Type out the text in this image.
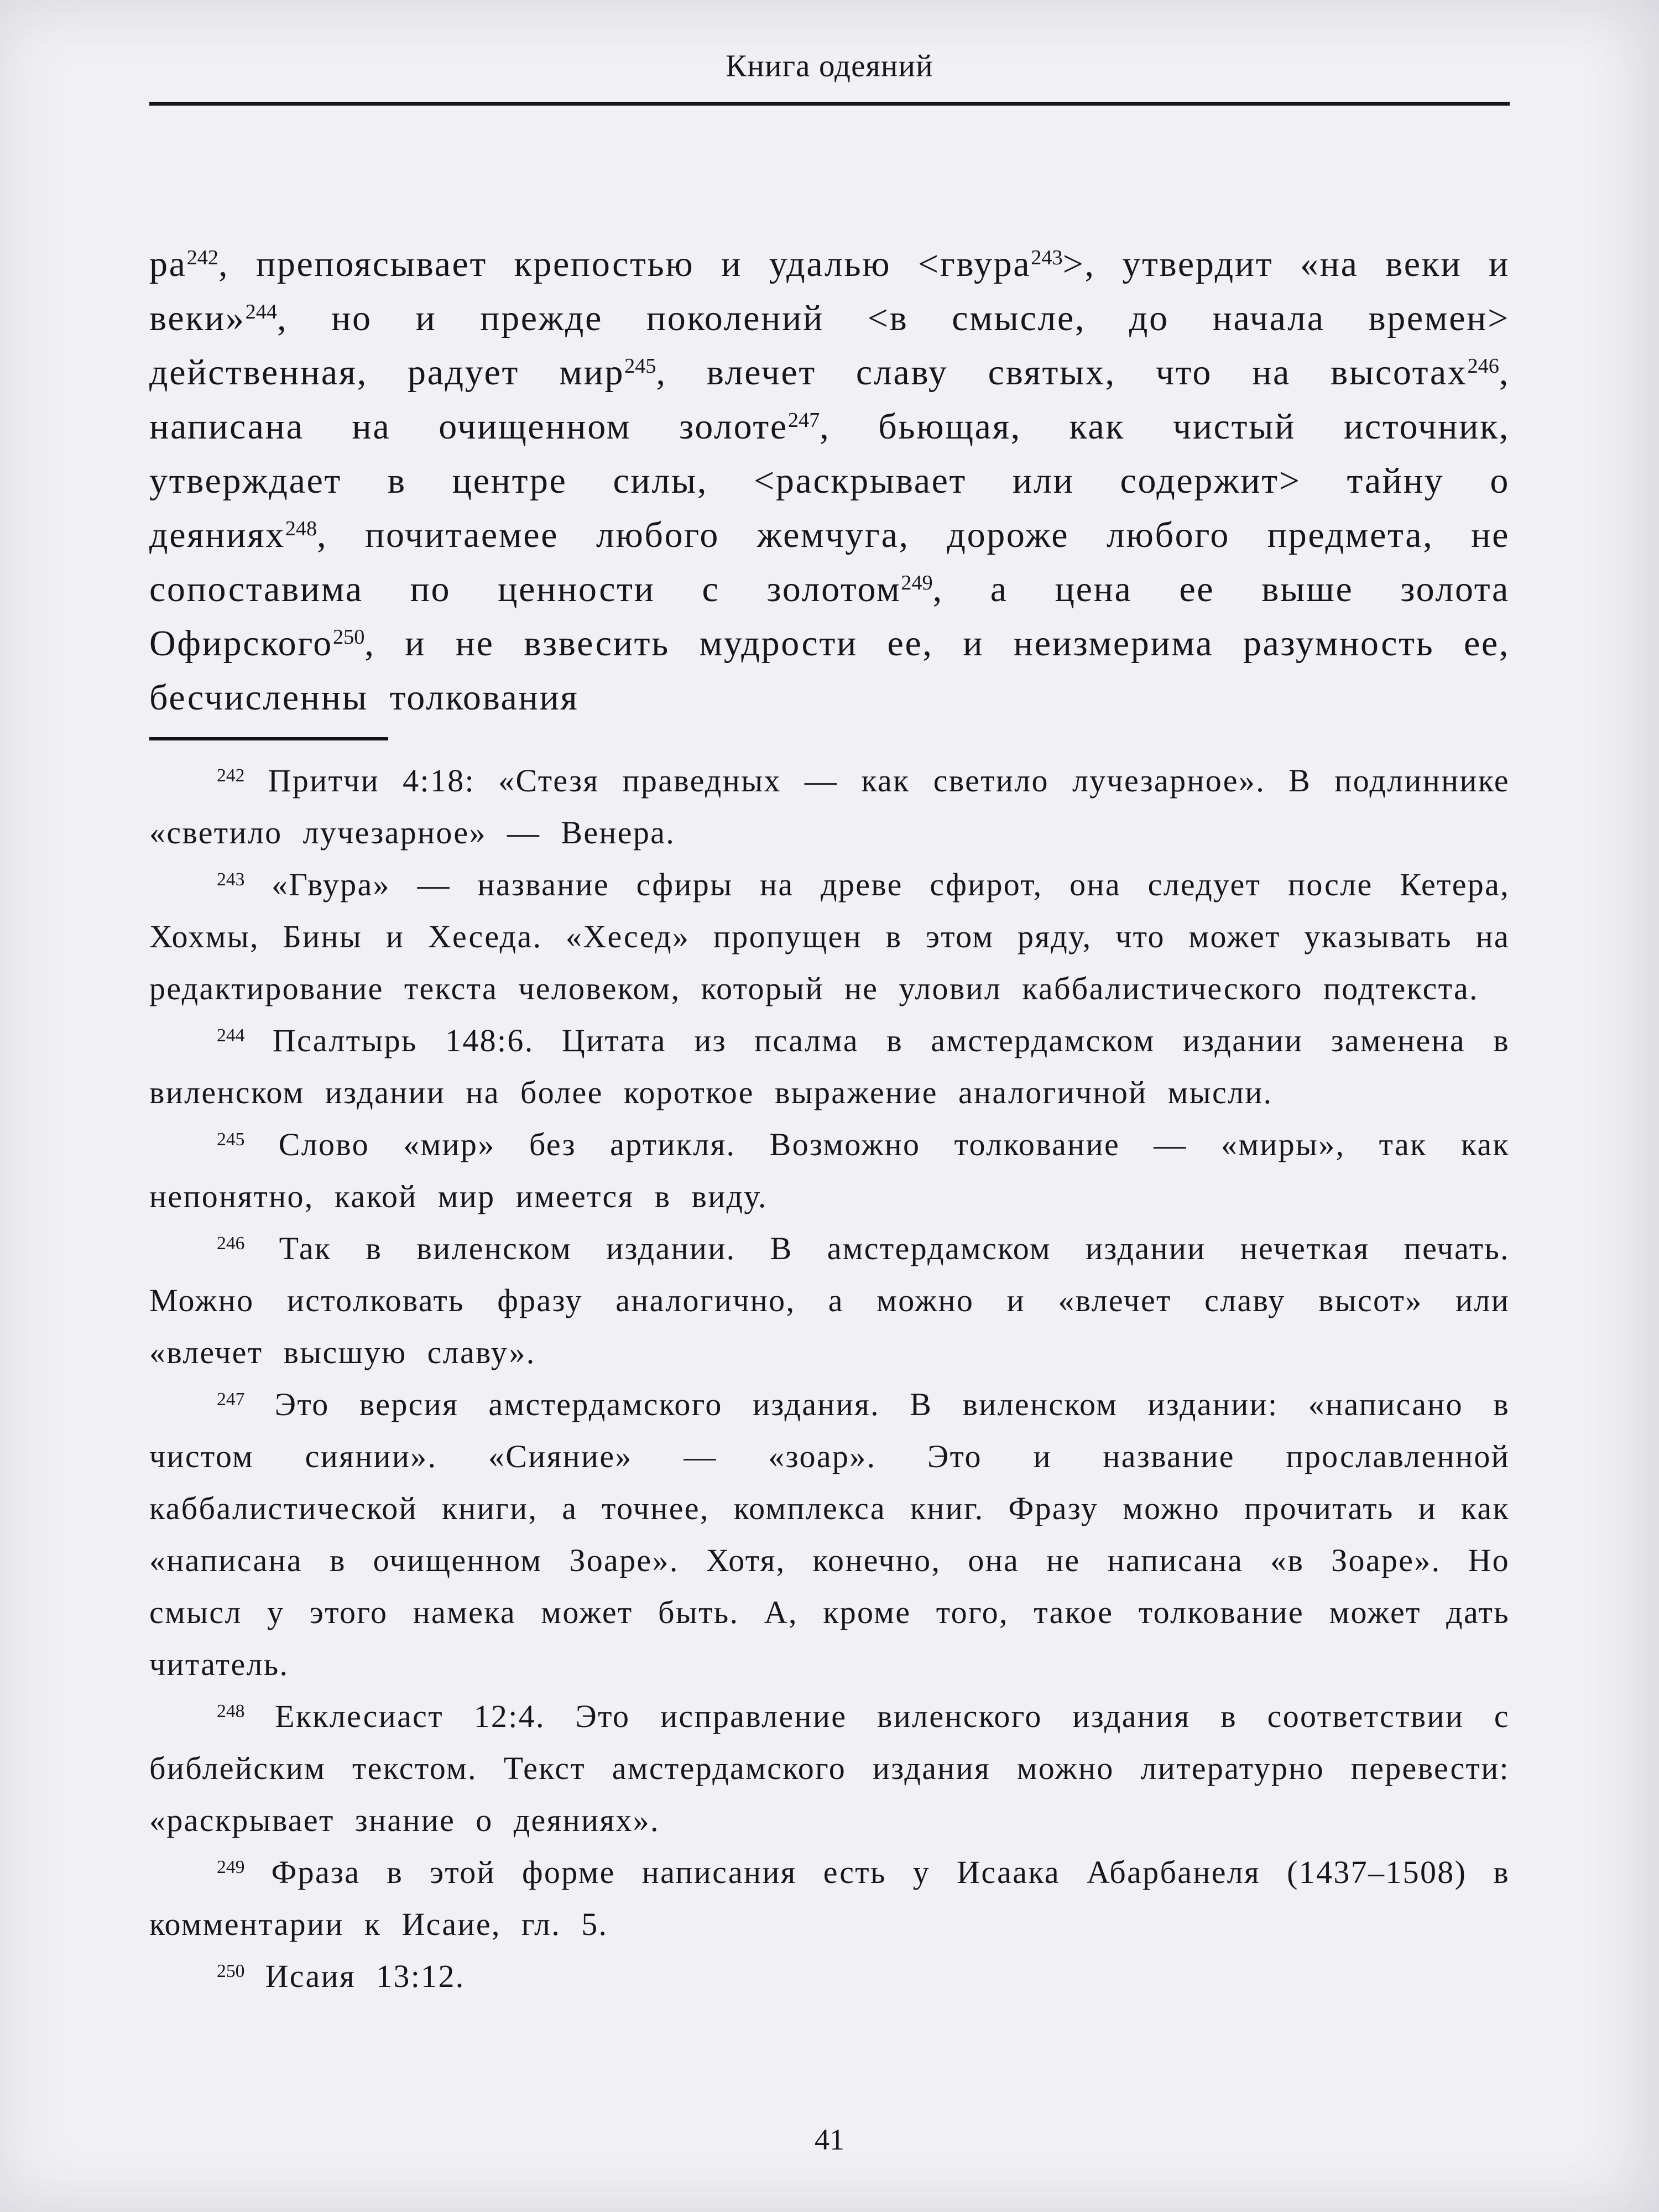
Книга одеяний

$ра^{242}$, препоясывает крепостью и удалью <гвура$^{243}$>, утвердит «на веки и веки»$^{244}$, но и прежде поколений <в смысле, до начала времен> действенная, радует мир$^{245}$, влечет славу святых, что на высотах$^{246}$, написана на очищенном золоте$^{247}$, бьющая, как чистый источник, утверждает в центре силы, <раскрывает или содержит> тайну о деяниях$^{248}$, почитаемее любого жемчуга, дороже любого предмета, не сопоставима по ценности с золотом$^{249}$, а цена ее выше золота Офирского$^{250}$, и не взвесить мудрости ее, и неизмерима разумность ее, бесчисленны толкования

$^{242}$ Притчи 4:18: «Стезя праведных — как светило лучезарное». В подлиннике «светило лучезарное» — Венера.

$^{243}$ «Гвура» — название сфиры на древе сфирот, она следует после Кетера, Хохмы, Бины и Хеседа. «Хесед» пропущен в этом ряду, что может указывать на редактирование текста человеком, который не уловил каббалистического подтекста.

$^{244}$ Псалтырь 148:6. Цитата из псалма в амстердамском издании заменена в виленском издании на более короткое выражение аналогичной мысли.

$^{245}$ Слово «мир» без артикля. Возможно толкование — «миры», так как непонятно, какой мир имеется в виду.

$^{246}$ Так в виленском издании. В амстердамском издании нечеткая печать. Можно истолковать фразу аналогично, а можно и «влечет славу высот» или «влечет высшую славу».

$^{247}$ Это версия амстердамского издания. В виленском издании: «написано в чистом сиянии». «Сияние» — «зоар». Это и название прославленной каббалистической книги, а точнее, комплекса книг. Фразу можно прочитать и как «написана в очищенном Зоаре». Хотя, конечно, она не написана «в Зоаре». Но смысл у этого намека может быть. А, кроме того, такое толкование может дать читатель.

$^{248}$ Екклесиаст 12:4. Это исправление виленского издания в соответствии с библейским текстом. Текст амстердамского издания можно литературно перевести: «раскрывает знание о деяниях».

$^{249}$ Фраза в этой форме написания есть у Исаака Абарбанеля (1437–1508) в комментарии к Исаие, гл. 5.

$^{250}$ Исаия 13:12.

41
